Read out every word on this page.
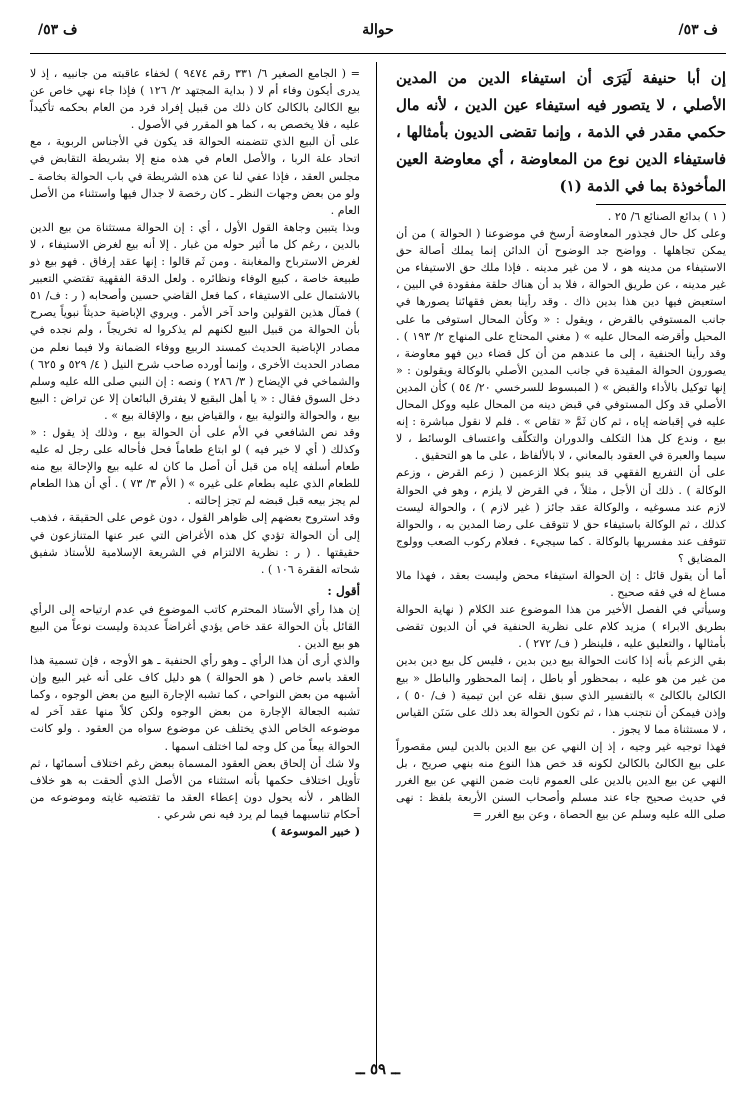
ف ٥٣/
حوالة
ف ٥٣/

إن أبا حنيفة لَيَرَى أن استيفاء الدين من المدين الأصلي ، لا يتصور فيه استيفاء عين الدين ، لأنه مال حكمي مقدر في الذمة ، وإنما تقضى الديون بأمثالها ، فاستيفاء الدين نوع من المعاوضة ، أي معاوضة العين المأخوذة بما في الذمة (١)

( ١ ) بدائع الصنائع ٦/ ٢٥ .

وعلى كل حال فجذور المعاوضة أرسخ في موضوعنا ( الحوالة ) من أن يمكن تجاهلها . وواضح جد الوضوح أن الدائن إنما يملك أصالة حق الاستيفاء من مدينه هو ، لا من غير مدينه . فإذا ملك حق الاستيفاء من غير مدينه ، عن طريق الحوالة ، فلا بد أن هناك حلقة مفقودة في البين ، استعيض فيها دين هذا بدين ذاك . وقد رأينا بعض فقهائنا يصورها في جانب المستوفي بالقرض ، ويقول : « وكأن المحال استوفى ما على المحيل وأقرضه المحال عليه » ( مغني المحتاج على المنهاج ٢/ ١٩٣ ) . وقد رأينا الحنفية ، إلى ما عندهم من أن كل قضاء دين فهو معاوضة ، يصورون الحوالة المقيدة في جانب المدين الأصلي بالوكالة ويقولون : « إنها توكيل بالأداء والقبض » ( المبسوط للسرخسي ٢٠/ ٥٤ ) كأن المدين الأصلي قد وكل المستوفي في قبض دينه من المحال عليه ووكل المحال عليه في إقباضه إياه ، ثم كان ثَمَّ « تقاص » . فلم لا نقول مباشرة : إنه بيع ، وندع كل هذا التكلف والدوران والتكلّف واعتساف الوسائط ، لا سيما والعبرة في العقود بالمعاني ، لا بالألفاظ ، على ما هو التحقيق .

على أن التفريع الفقهي قد ينبو بكلا الزعمين ( زعم القرض ، وزعم الوكالة ) . ذلك أن الأجل ، مثلاً ، في القرض لا يلزم ، وهو في الحوالة لازم عند مسوغيه ، والوكالة عقد جائز ( غير لازم ) ، والحوالة ليست كذلك ، ثم الوكالة باستيفاء حق لا تتوقف على رضا المدين به ، والحوالة تتوقف عند مفسريها بالوكالة . كما سيجيء . فعلام ركوب الصعب وولوج المضايق ؟

أما أن يقول قائل : إن الحوالة استيفاء محض وليست بعقد ، فهذا مالا مساغ له في فقه صحيح .

وسيأتي في الفصل الأخير من هذا الموضوع عند الكلام ( نهاية الحوالة بطريق الابراء ) مزيد كلام على نظرية الحنفية في أن الديون تقضى بأمثالها ، والتعليق عليه ، فلينظر ( ف/ ٢٧٢ ) .

بقي الزعم بأنه إذا كانت الحوالة بيع دين بدين ، فليس كل بيع دين بدين من غير من هو عليه ، بمحظور أو باطل ، إنما المحظور والباطل « بيع الكالئ بالكالئ » بالتفسير الذي سبق نقله عن ابن تيمية ( ف/ ٥٠ ) ، وإذن فيمكن أن نتجنب هذا ، ثم تكون الحوالة بعد ذلك على سَنَن القياس ، لا مستثناة مما لا يجوز .

فهذا توجيه غير وجيه ، إذ إن النهي عن بيع الدين بالدين ليس مقصوراً على بيع الكالئ بالكالئ لكونه قد خص هذا النوع منه بنهي صريح ، بل النهي عن بيع الدين بالدين على العموم ثابت ضمن النهي عن بيع الغرر في حديث صحيح جاء عند مسلم وأصحاب السنن الأربعة بلفظ : نهى صلى الله عليه وسلم عن بيع الحصاة ، وعن بيع الغرر =

= ( الجامع الصغير ٦/ ٣٣١ رقم ٩٤٧٤ ) لخفاء عاقبته من جانبيه ، إذ لا يدرى أيكون وفاء أم لا ( بداية المجتهد ٢/ ١٢٦ ) فإذا جاء نهي خاص عن بيع الكالئ بالكالئ كان ذلك من قبيل إفراد فرد من العام بحكمه تأكيداً عليه ، فلا يخصص به ، كما هو المقرر في الأصول .

على أن البيع الذي تتضمنه الحوالة قد يكون في الأجناس الربوية ، مع اتحاد علة الربا ، والأصل العام في هذه منع إلا بشريطة التقابض في مجلس العقد ، فإذا عفي لنا عن هذه الشريطة في باب الحوالة بخاصة ـ ولو من بعض وجهات النظر ـ كان رخصة لا جدال فيها واستثناء من الأصل العام .

وبذا يتبين وجاهة القول الأول ، أي : إن الحوالة مستثناة من بيع الدين بالدين ، رغم كل ما أثير حوله من غبار . إلا أنه بيع لغرض الاستيفاء ، لا لغرض الاسترباح والمغابنة . ومن ثَم قالوا : إنها عقد إرفاق . فهو بيع ذو طبيعة خاصة ، كبيع الوفاء ونظائره . ولعل الدقة الفقهية تقتضي التعبير بالاشتمال على الاستيفاء ، كما فعل القاضي حسين وأصحابه ( ر : ف/ ٥١ ) فمآل هذين القولين واحد آخر الأمر . ويروي الإباضية حديثاً نبوياً يصرح بأن الحوالة من قبيل البيع لكنهم لم يذكروا له تخريجاً ، ولم نجده في مصادر الإباضية الحديث كمسند الربيع ووفاء الضمانة ولا فيما نعلم من مصادر الحديث الأخرى ، وإنما أورده صاحب شرح النيل ( ٤/ ٥٢٩ و ٦٢٥ ) والشماخي في الإيضاح ( ٣/ ٢٨٦ ) ونصه : إن النبي صلى الله عليه وسلم دخل السوق فقال : « يا أهل البقيع لا يفترق البائعان إلا عن تراض : البيع بيع ، والحوالة والتولية بيع ، والقياض بيع ، والإقالة بيع » .

وقد نص الشافعي في الأم على أن الحوالة بيع ، وذلك إذ يقول : « وكذلك ( أي لا خير فيه ) لو ابتاع طعاماً فحل فأحاله على رجل له عليه طعام أسلفه إياه من قبل أن أصل ما كان له عليه بيع والإحالة بيع منه للطعام الذي عليه بطعام على غيره » ( الأم ٣/ ٧٣ ) . أي أن هذا الطعام لم يجز بيعه قبل قبضه لم تجز إحالته .

وقد استروح بعضهم إلى ظواهر القول ، دون غوص على الحقيقة ، فذهب إلى أن الحوالة تؤدي كل هذه الأغراض التي عبر عنها المتنازعون في حقيقتها . ( ر : نظرية الالتزام في الشريعة الإسلامية للأستاذ شفيق شحاته الفقرة ١٠٦ ) .

أقول :

إن هذا رأي الأستاذ المحترم كاتب الموضوع في عدم ارتياحه إلى الرأي القائل بأن الحوالة عقد خاص يؤدي أغراضاً عديدة وليست نوعاً من البيع هو بيع الدين .

والذي أرى أن هذا الرأي ـ وهو رأي الحنفية ـ هو الأوجه ، فإن تسمية هذا العقد باسم خاص ( هو الحوالة ) هو دليل كاف على أنه غير البيع وإن أشبهه من بعض النواحي ، كما تشبه الإجارة البيع من بعض الوجوه ، وكما تشبه الجعالة الإجارة من بعض الوجوه ولكن كلاً منها عقد آخر له موضوعه الخاص الذي يختلف عن موضوع سواه من العقود . ولو كانت الحوالة بيعاً من كل وجه لما اختلف اسمها .

ولا شك أن إلحاق بعض العقود المسماة ببعض رغم اختلاف أسمائها ، ثم تأويل اختلاف حكمها بأنه استثناء من الأصل الذي ألحقت به هو خلاف الظاهر ، لأنه يحول دون إعطاء العقد ما تقتضيه غايته وموضوعه من أحكام تناسبهما فيما لم يرد فيه نص شرعي .

( خبير الموسوعة )

ــ ٥٩ ــ
